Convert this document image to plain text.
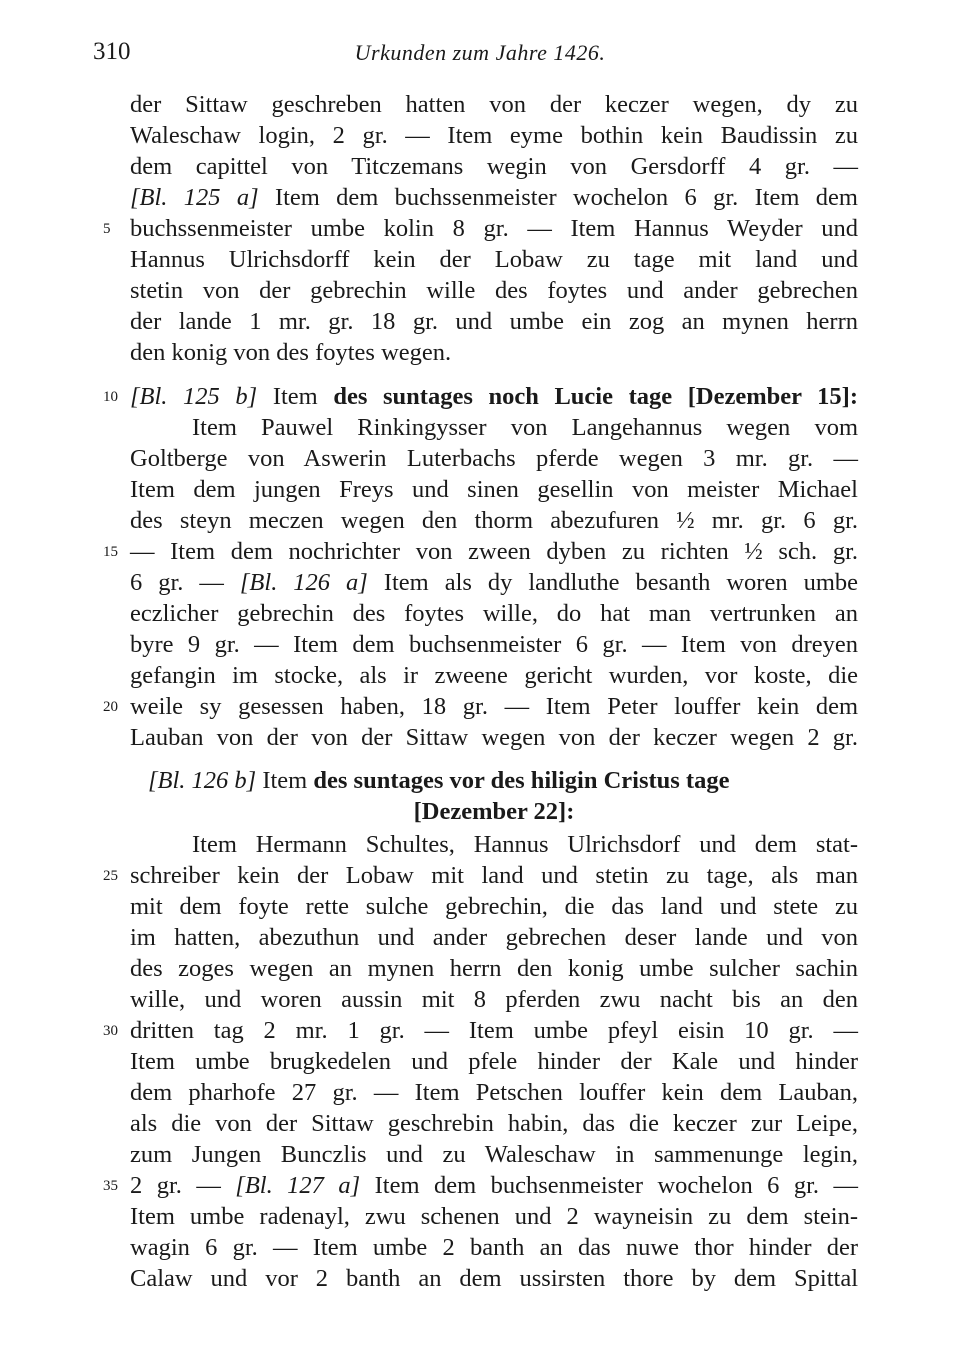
310	Urkunden zum Jahre 1426.
der Sittaw geschreben hatten von der keczer wegen, dy zu
Waleschaw login, 2 gr. — Item eyme bothin kein Baudissin zu
dem capittel von Titczemans wegin von Gersdorff 4 gr. —
[Bl. 125 a] Item dem buchssenmeister wochelon 6 gr. Item dem
buchssenmeister umbe kolin 8 gr. — Item Hannus Weyder und
Hannus Ulrichsdorff kein der Lobaw zu tage mit land und
stetin von der gebrechin wille des foytes und ander gebrechen
der lande 1 mr. gr. 18 gr. und umbe ein zog an mynen herrn
den konig von des foytes wegen.
[Bl. 125 b] Item des suntages noch Lucie tage [Dezember 15]:
Item Pauwel Rinkingysser von Langehannus wegen vom
Goltberge von Aswerin Luterbachs pferde wegen 3 mr. gr. —
Item dem jungen Freys und sinen gesellin von meister Michael
des steyn meczen wegen den thorm abezufuren ½ mr. gr. 6 gr.
— Item dem nochrichter von zween dyben zu richten ½ sch. gr.
6 gr. — [Bl. 126 a] Item als dy landluthe besanth woren umbe
eczlicher gebrechin des foytes wille, do hat man vertrunken an
byre 9 gr. — Item dem buchsenmeister 6 gr. — Item von dreyen
gefangin im stocke, als ir zweene gericht wurden, vor koste, die
weile sy gesessen haben, 18 gr. — Item Peter louffer kein dem
Lauban von der von der Sittaw wegen von der keczer wegen 2 gr.
[Bl. 126 b] Item des suntages vor des hiligin Cristus tage
[Dezember 22]:
Item Hermann Schultes, Hannus Ulrichsdorf und dem stat-
schreiber kein der Lobaw mit land und stetin zu tage, als man
mit dem foyte rette sulche gebrechin, die das land und stete zu
im hatten, abezuthun und ander gebrechen deser lande und von
des zoges wegen an mynen herrn den konig umbe sulcher sachin
wille, und woren aussin mit 8 pferden zwu nacht bis an den
dritten tag 2 mr. 1 gr. — Item umbe pfeyl eisin 10 gr. —
Item umbe brugkedelen und pfele hinder der Kale und hinder
dem pharhofe 27 gr. — Item Petschen louffer kein dem Lauban,
als die von der Sittaw geschrebin habin, das die keczer zur Leipe,
zum Jungen Bunczlis und zu Waleschaw in sammenunge legin,
2 gr. — [Bl. 127 a] Item dem buchsenmeister wochelon 6 gr. —
Item umbe radenayl, zwu schenen und 2 wayneisin zu dem stein-
wagin 6 gr. — Item umbe 2 banth an das nuwe thor hinder der
Calaw und vor 2 banth an dem ussirsten thore by dem Spittal
5
10
15
20
25
30
35
